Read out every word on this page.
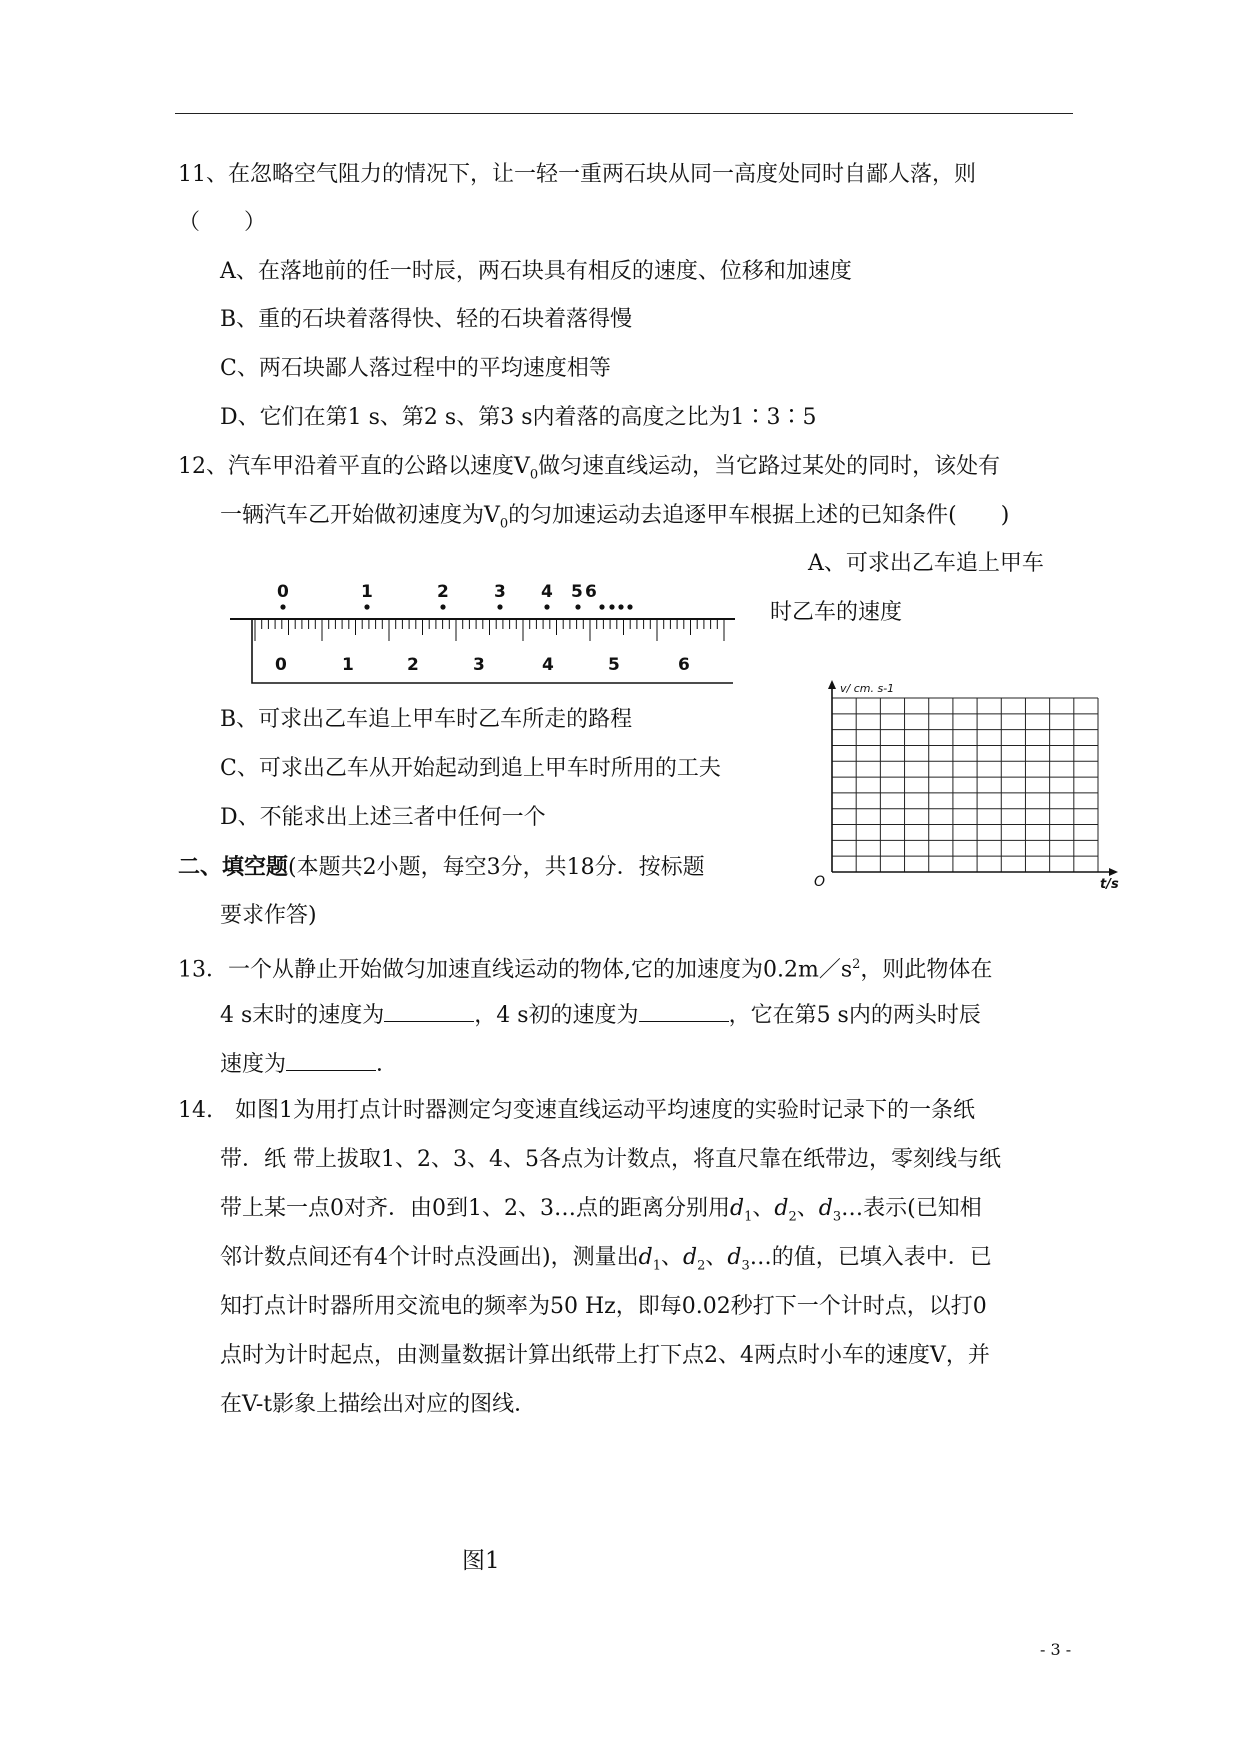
11、在忽略空气阻力的情况下，让一轻一重两石块从同一高度处同时自鄙人落，则
（　　）
A、在落地前的任一时辰，两石块具有相反的速度、位移和加速度
B、重的石块着落得快、轻的石块着落得慢
C、两石块鄙人落过程中的平均速度相等
D、它们在第1 s、第2 s、第3 s内着落的高度之比为1∶3∶5
12、汽车甲沿着平直的公路以速度$V_0$做匀速直线运动，当它路过某处的同时，该处有
一辆汽车乙开始做初速度为$V_0$的匀加速运动去追逐甲车根据上述的已知条件(　　)
A、可求出乙车追上甲车
时乙车的速度
B、可求出乙车追上甲车时乙车所走的路程
C、可求出乙车从开始起动到追上甲车时所用的工夫
D、不能求出上述三者中任何一个
二、填空题(本题共2小题，每空3分，共18分．按标题
要求作答)
13．一个从静止开始做匀加速直线运动的物体,它的加速度为$0.2m/s^2$，则此物体在
4 s末时的速度为	，4 s初的速度为	，它在第5 s内的两头时辰
速度为	．
14.　如图1为用打点计时器测定匀变速直线运动平均速度的实验时记录下的一条纸
带．纸 带上拔取1、2、3、4、5各点为计数点，将直尺靠在纸带边，零刻线与纸
带上某一点0对齐．由0到1、2、3…点的距离分别用$d_1$、$d_2$、$d_3\dots$表示(已知相
邻计数点间还有4个计时点没画出)，测量出$d_1$、$d_2$、$d_3\dots$的值，已填入表中．已
知打点计时器所用交流电的频率为50 Hz，即每0.02秒打下一个计时点，以打0
点时为计时起点，由测量数据计算出纸带上打下点2、4两点时小车的速度V，并
在V-t影象上描绘出对应的图线．
0	1	2	3 4 5 6
0	1	2	3	4	5	6
图1
v/ cm. s-1
t/s
O
- 3 -
